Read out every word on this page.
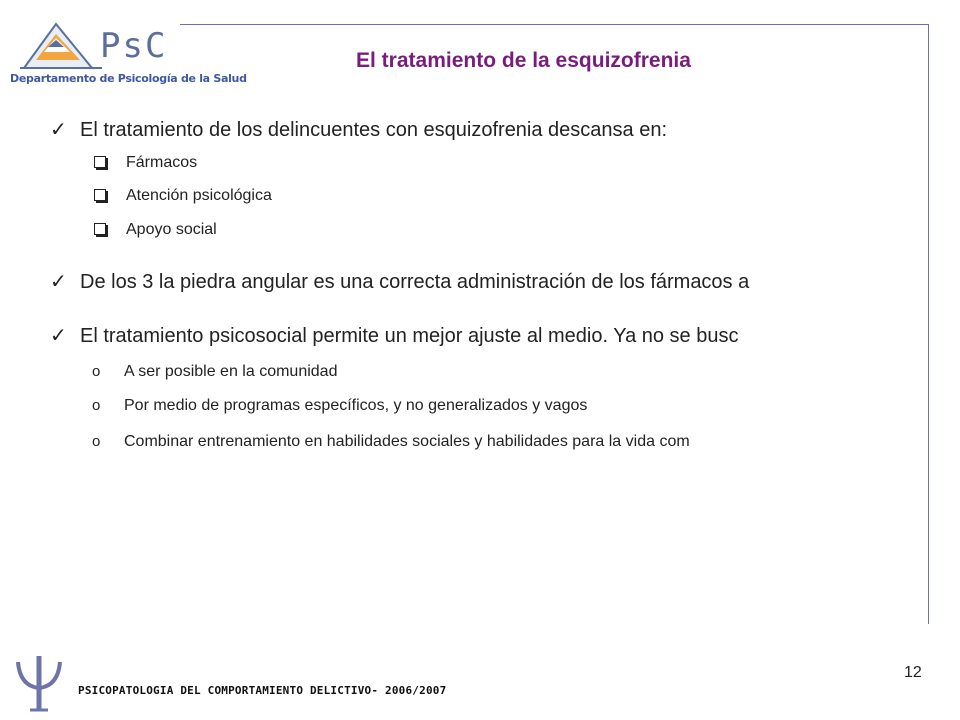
PsC
Departamento de Psicología de la Salud
El tratamiento de la esquizofrenia
✓ El tratamiento de los delincuentes con esquizofrenia descansa en:
Fármacos
Atención psicológica
Apoyo social
✓ De los 3 la piedra angular es una correcta administración de los fármacos a
✓ El tratamiento psicosocial permite un mejor ajuste al medio. Ya no se busc
o A ser posible en la comunidad
o Por medio de programas específicos, y no generalizados y vagos
o Combinar entrenamiento en habilidades sociales y habilidades para la vida com
PSICOPATOLOGIA DEL COMPORTAMIENTO DELICTIVO- 2006/2007
12
